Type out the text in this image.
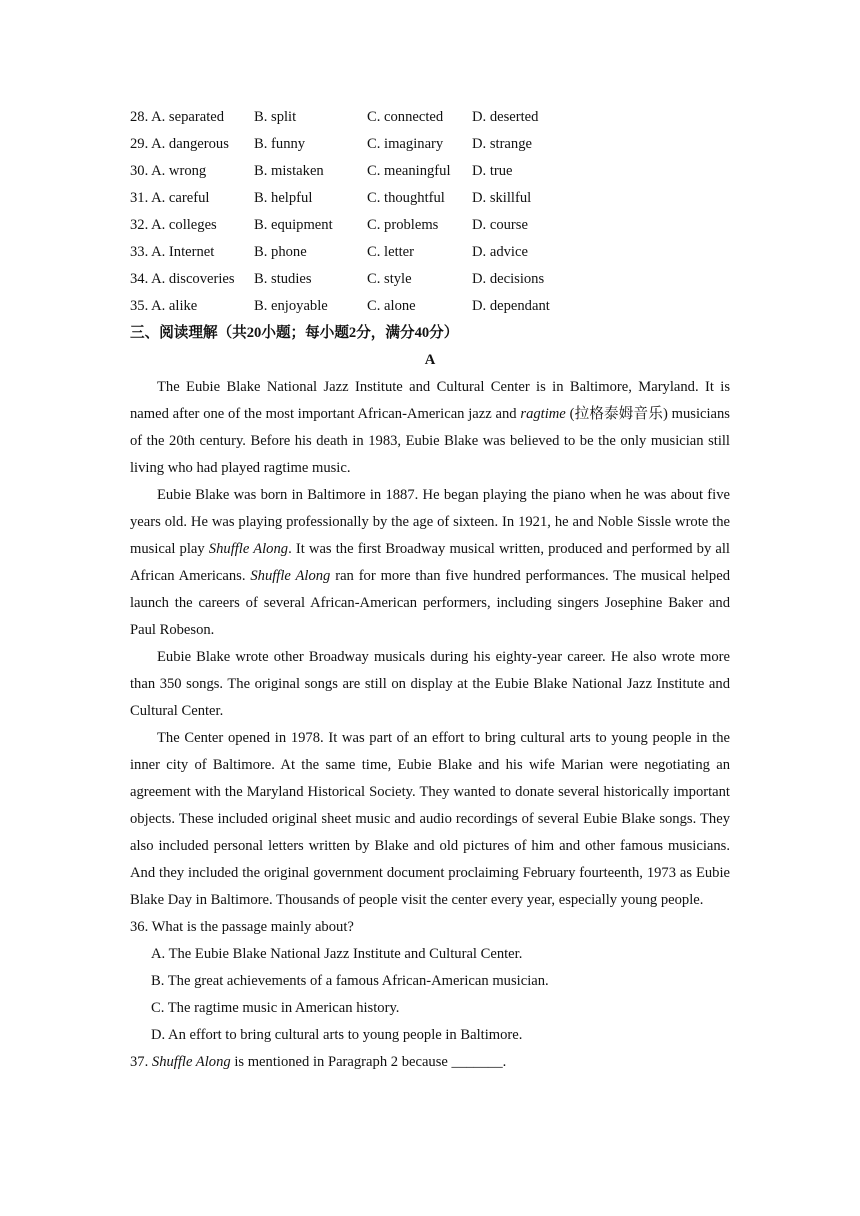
28. A. separated B. split	C. connected D. deserted
29. A. dangerous B. funny	C. imaginary D. strange
30. A. wrong	B. mistaken	C. meaningful D. true
31. A. careful	B. helpful	C. thoughtful D. skillful
32. A. colleges	B. equipment C. problems D. course
33. A. Internet	B. phone	C. letter	D. advice
34. A. discoveries B. studies	C. style	D. decisions
35. A. alike	B. enjoyable	C. alone	D. dependant
三、阅读理解（共20小题；每小题2分，满分40分）
A

The Eubie Blake National Jazz Institute and Cultural Center is in Baltimore, Maryland. It is named after one of the most important African-American jazz and ragtime (拉格泰姆音乐) musicians of the 20th century. Before his death in 1983, Eubie Blake was believed to be the only musician still living who had played ragtime music.

Eubie Blake was born in Baltimore in 1887. He began playing the piano when he was about five years old. He was playing professionally by the age of sixteen. In 1921, he and Noble Sissle wrote the musical play Shuffle Along. It was the first Broadway musical written, produced and performed by all African Americans. Shuffle Along ran for more than five hundred performances. The musical helped launch the careers of several African-American performers, including singers Josephine Baker and Paul Robeson.

Eubie Blake wrote other Broadway musicals during his eighty-year career. He also wrote more than 350 songs. The original songs are still on display at the Eubie Blake National Jazz Institute and Cultural Center.

The Center opened in 1978. It was part of an effort to bring cultural arts to young people in the inner city of Baltimore. At the same time, Eubie Blake and his wife Marian were negotiating an agreement with the Maryland Historical Society. They wanted to donate several historically important objects. These included original sheet music and audio recordings of several Eubie Blake songs. They also included personal letters written by Blake and old pictures of him and other famous musicians. And they included the original government document proclaiming February fourteenth, 1973 as Eubie Blake Day in Baltimore. Thousands of people visit the center every year, especially young people.

36. What is the passage mainly about?

A. The Eubie Blake National Jazz Institute and Cultural Center.

B. The great achievements of a famous African-American musician.

C. The ragtime music in American history.

D. An effort to bring cultural arts to young people in Baltimore.

37. Shuffle Along is mentioned in Paragraph 2 because _______.
